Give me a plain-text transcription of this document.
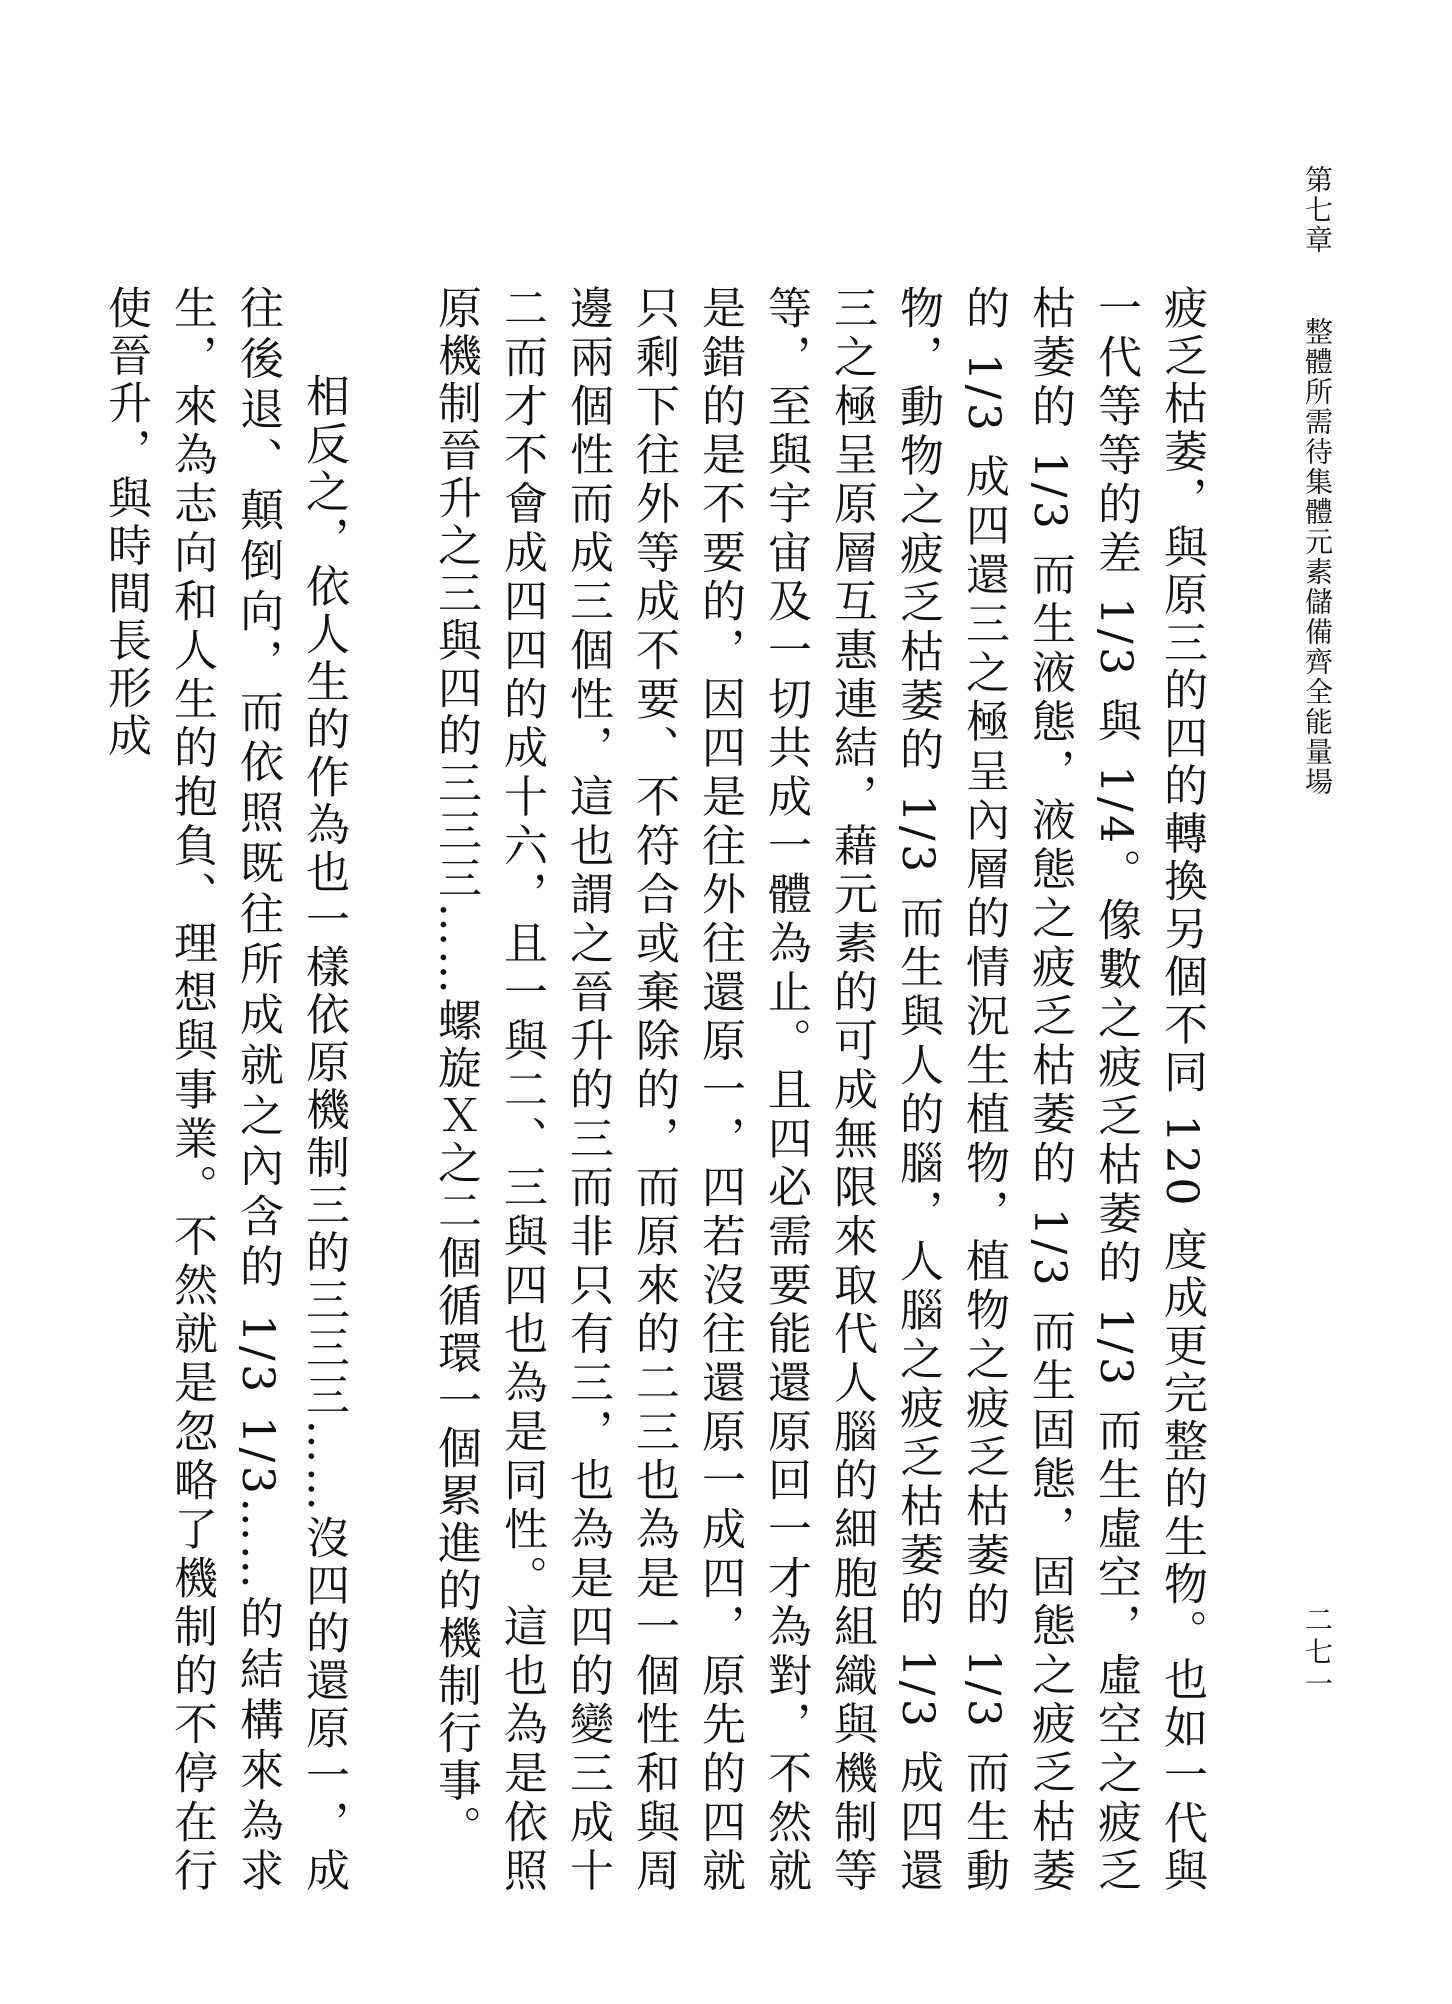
第七章整體所需待集體元素儲備齊全能量場
二七一

疲乏枯萎，與原三的四的轉換另個不同 120 度成更完整的生物。也如一代與一代等等的差 1/3 與 1/4。像數之疲乏枯萎的 1/3 而生虛空，虛空之疲乏枯萎的 1/3 而生液態，液態之疲乏枯萎的 1/3 而生固態，固態之疲乏枯萎的 1/3 成四還三之極呈內層的情況生植物，植物之疲乏枯萎的 1/3 而生動物，動物之疲乏枯萎的 1/3 而生與人的腦，人腦之疲乏枯萎的 1/3 成四還三之極呈原層互惠連結，藉元素的可成無限來取代人腦的細胞組織與機制等等，至與宇宙及一切共成一體為止。且四必需要能還原回一才為對，不然就是錯的是不要的，因四是往外往還原一，四若沒往還原一成四，原先的四就只剩下往外等成不要、不符合或棄除的，而原來的二三也為是一個性和與周邊兩個性而成三個性，這也謂之晉升的三而非只有三，也為是四的變三成十二而才不會成四四的成十六，且一與二、三與四也為是同性。這也為是依照原機制晉升之三與四的三三三……螺旋Ｘ之二個循環一個累進的機制行事。

相反之，依人生的作為也一樣依原機制三的三三三……沒四的還原一，成往後退、顛倒向，而依照既往所成就之內含的 1/3 1/3……的結構來為求生，來為志向和人生的抱負、理想與事業。不然就是忽略了機制的不停在行使晉升，與時間長形成
